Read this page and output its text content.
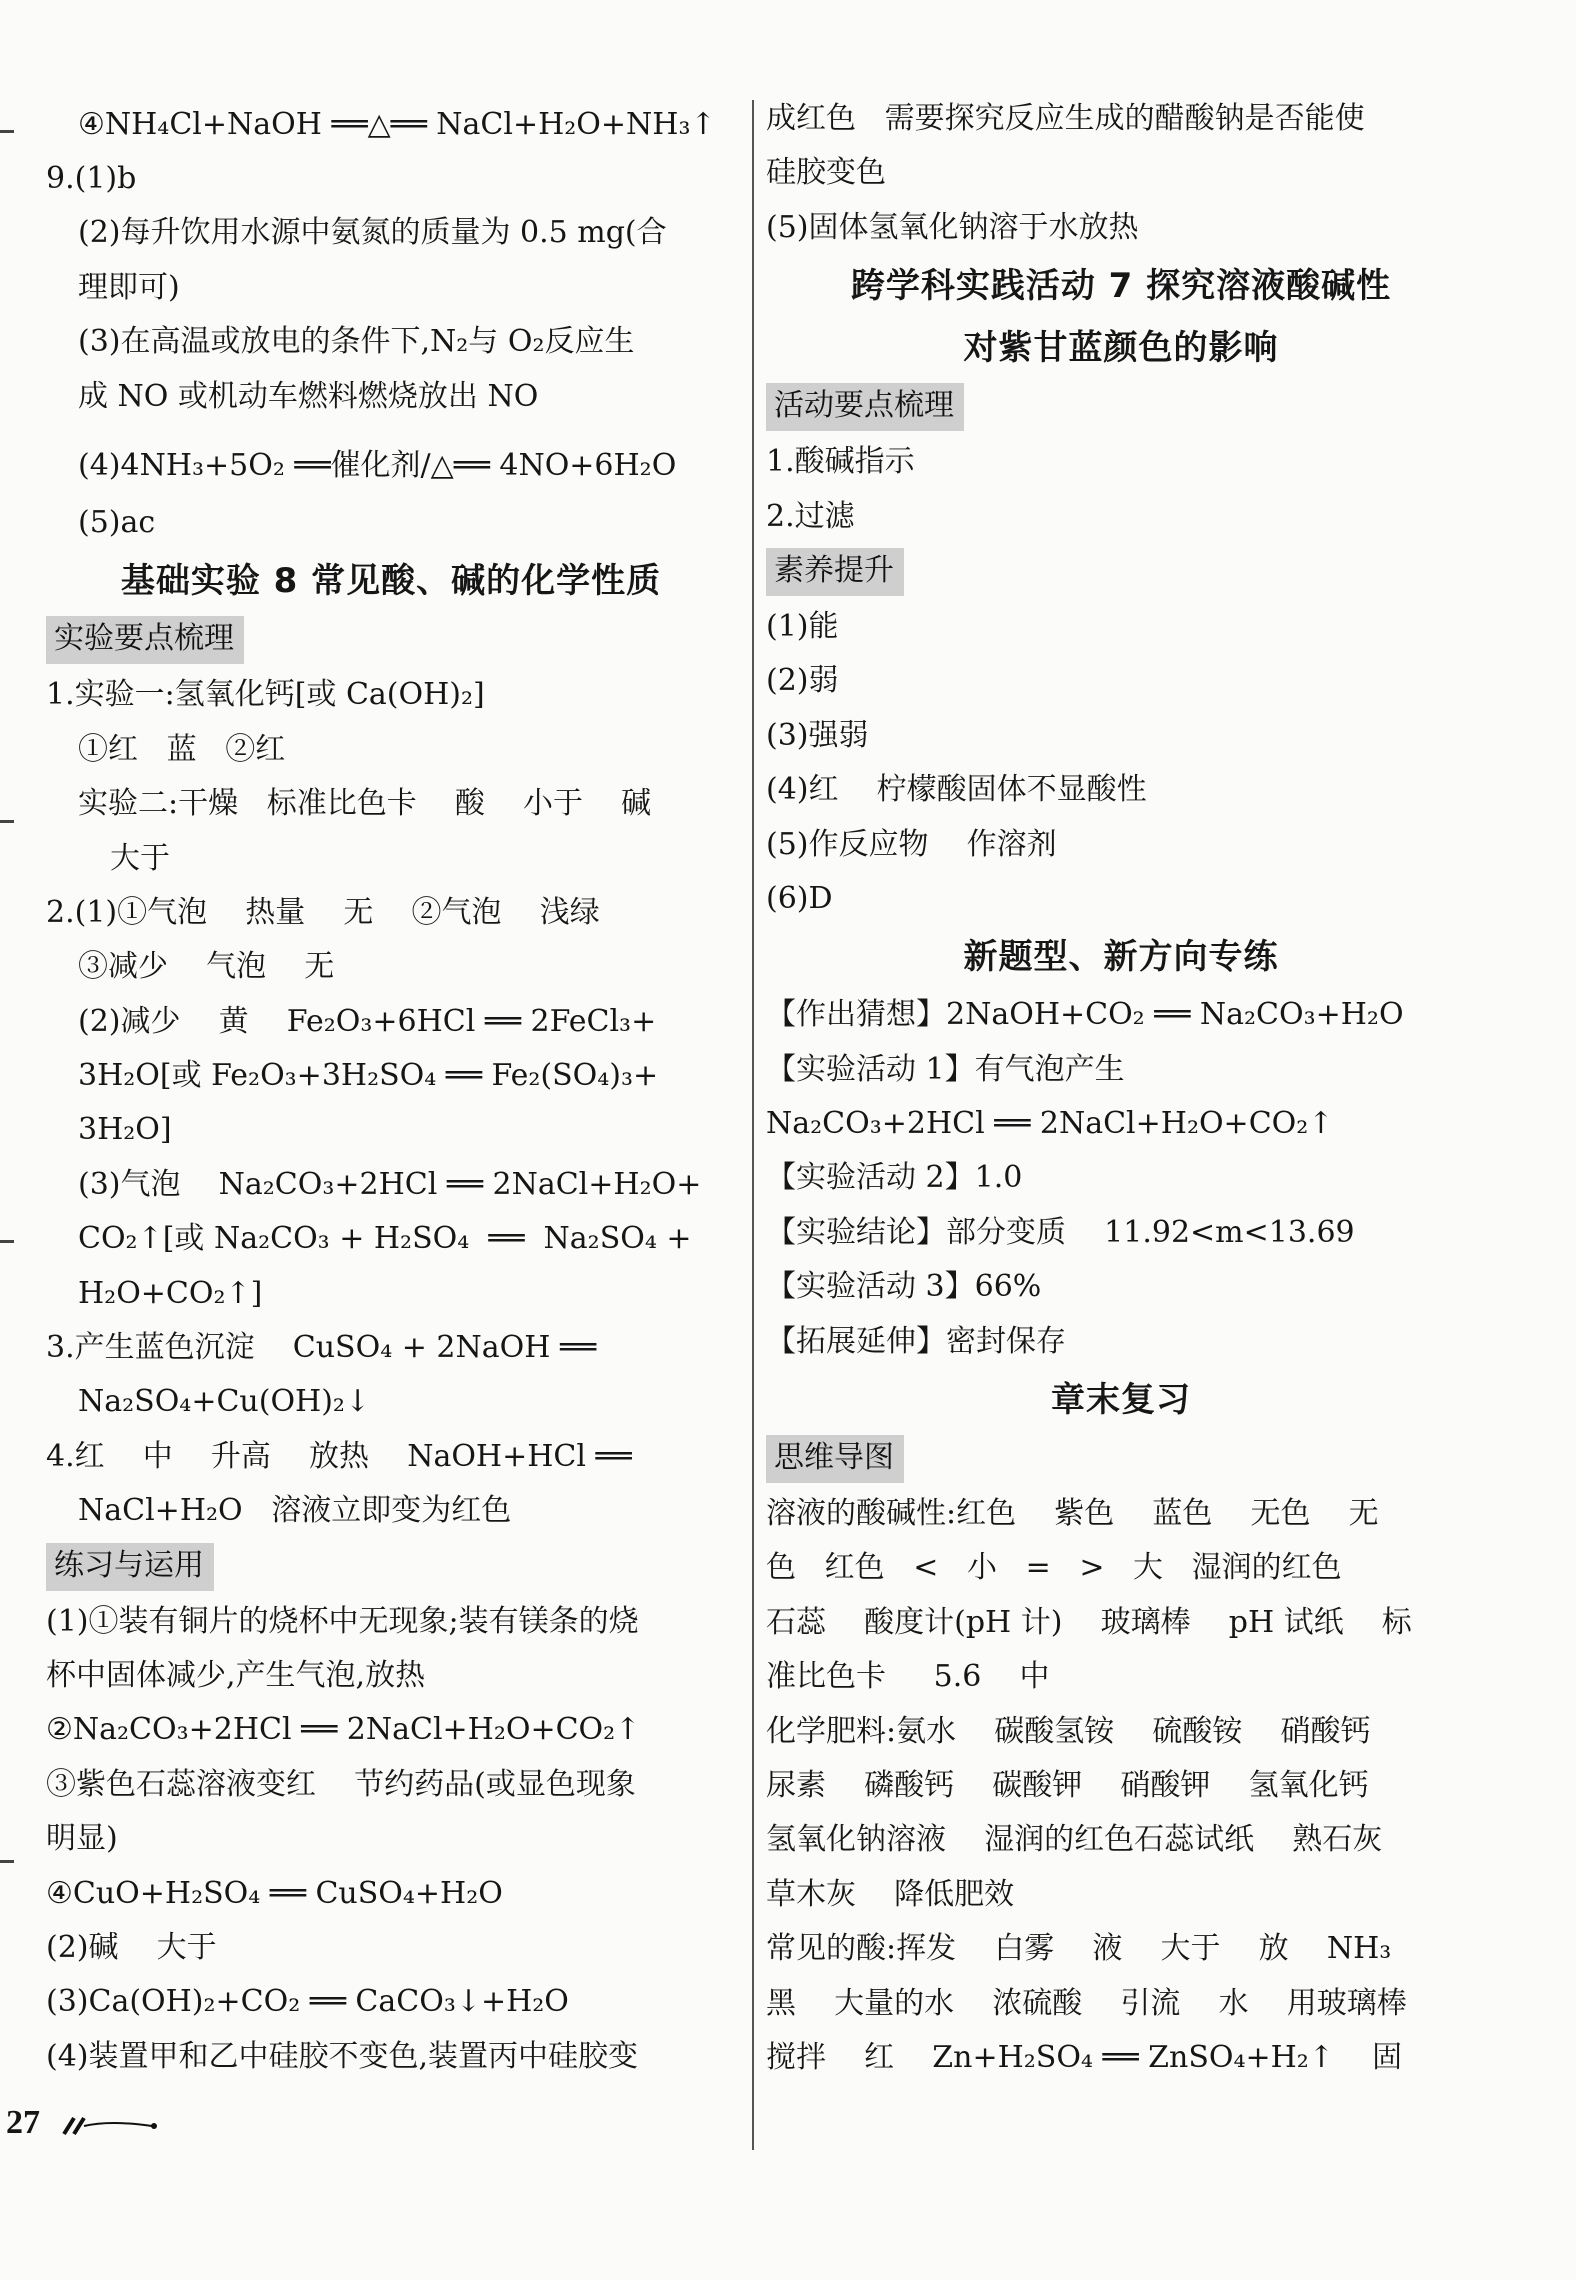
④NH₄Cl+NaOH ══△══ NaCl+H₂O+NH₃↑
9.(1)b
(2)每升饮用水源中氨氮的质量为 0.5 mg(合
理即可)
(3)在高温或放电的条件下,N₂与 O₂反应生
成 NO 或机动车燃料燃烧放出 NO
(4)4NH₃+5O₂ ══催化剂/△══ 4NO+6H₂O
(5)ac
基础实验 8 常见酸、碱的化学性质
实验要点梳理
1.实验一:氢氧化钙[或 Ca(OH)₂]
①红   蓝   ②红
实验二:干燥   标准比色卡    酸    小于    碱
大于
2.(1)①气泡    热量    无    ②气泡    浅绿
③减少    气泡    无
(2)减少    黄    Fe₂O₃+6HCl ══ 2FeCl₃+
3H₂O[或 Fe₂O₃+3H₂SO₄ ══ Fe₂(SO₄)₃+
3H₂O]
(3)气泡    Na₂CO₃+2HCl ══ 2NaCl+H₂O+
CO₂↑[或 Na₂CO₃ + H₂SO₄  ══  Na₂SO₄ +
H₂O+CO₂↑]
3.产生蓝色沉淀    CuSO₄ + 2NaOH ══
Na₂SO₄+Cu(OH)₂↓
4.红    中    升高    放热    NaOH+HCl ══
NaCl+H₂O   溶液立即变为红色
练习与运用
(1)①装有铜片的烧杯中无现象;装有镁条的烧
杯中固体减少,产生气泡,放热
②Na₂CO₃+2HCl ══ 2NaCl+H₂O+CO₂↑
③紫色石蕊溶液变红    节约药品(或显色现象
明显)
④CuO+H₂SO₄ ══ CuSO₄+H₂O
(2)碱    大于
(3)Ca(OH)₂+CO₂ ══ CaCO₃↓+H₂O
(4)装置甲和乙中硅胶不变色,装置丙中硅胶变
成红色   需要探究反应生成的醋酸钠是否能使
硅胶变色
(5)固体氢氧化钠溶于水放热
跨学科实践活动 7 探究溶液酸碱性
对紫甘蓝颜色的影响
活动要点梳理
1.酸碱指示
2.过滤
素养提升
(1)能
(2)弱
(3)强弱
(4)红    柠檬酸固体不显酸性
(5)作反应物    作溶剂
(6)D
新题型、新方向专练
【作出猜想】2NaOH+CO₂ ══ Na₂CO₃+H₂O
【实验活动 1】有气泡产生
Na₂CO₃+2HCl ══ 2NaCl+H₂O+CO₂↑
【实验活动 2】1.0
【实验结论】部分变质    11.92<m<13.69
【实验活动 3】66%
【拓展延伸】密封保存
章末复习
思维导图
溶液的酸碱性:红色    紫色    蓝色    无色    无
色   红色   <   小   =   >   大   湿润的红色
石蕊    酸度计(pH 计)    玻璃棒    pH 试纸    标
准比色卡     5.6    中
化学肥料:氨水    碳酸氢铵    硫酸铵    硝酸钙
尿素    磷酸钙    碳酸钾    硝酸钾    氢氧化钙
氢氧化钠溶液    湿润的红色石蕊试纸    熟石灰
草木灰    降低肥效
常见的酸:挥发    白雾    液    大于    放    NH₃
黑    大量的水    浓硫酸    引流    水    用玻璃棒
搅拌    红    Zn+H₂SO₄ ══ ZnSO₄+H₂↑    固
27
